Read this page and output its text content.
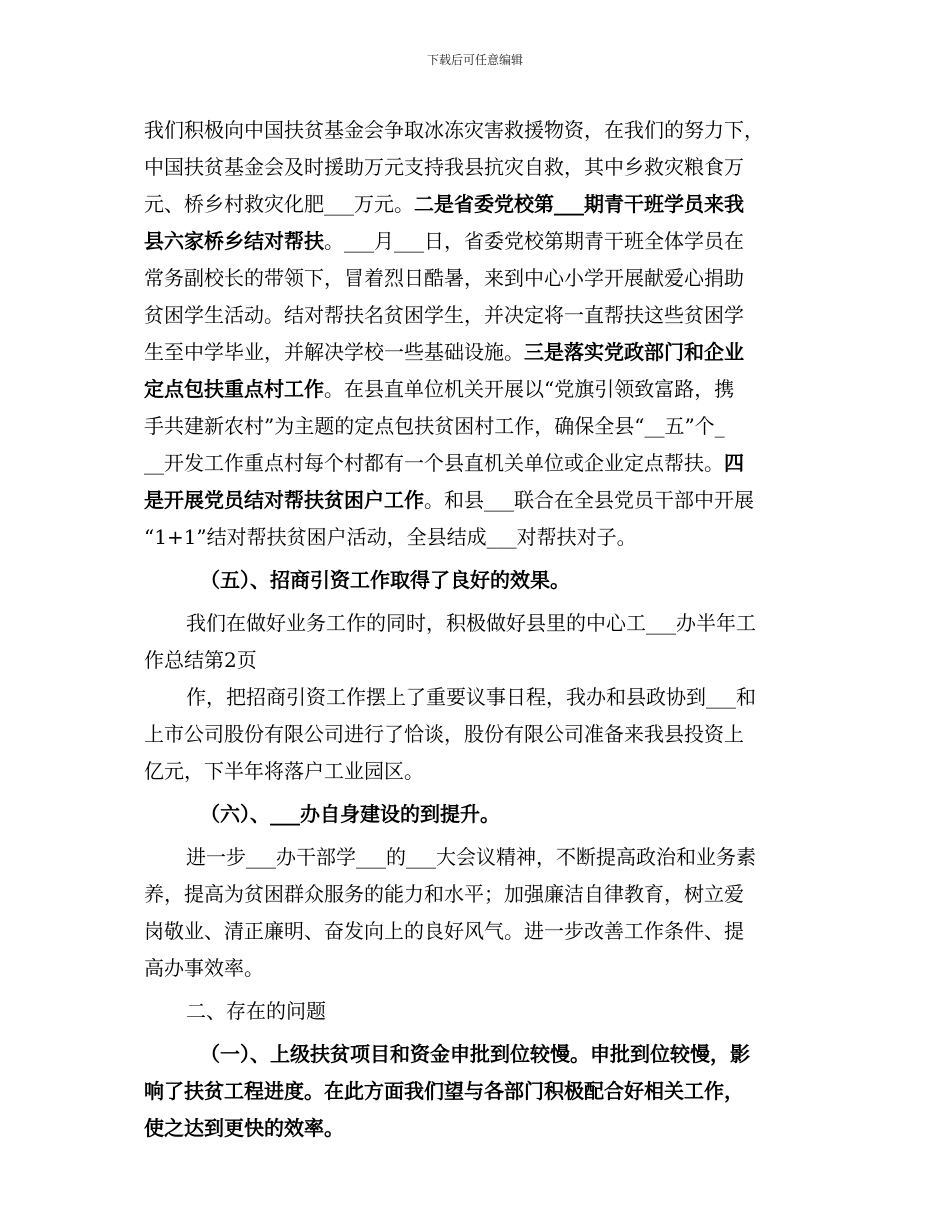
下载后可任意编辑
我们积极向中国扶贫基金会争取冰冻灾害救援物资，在我们的努力下，
中国扶贫基金会及时援助万元支持我县抗灾自救，其中乡救灾粮食万
元、桥乡村救灾化肥___万元。二是省委党校第___期青干班学员来我
县六家桥乡结对帮扶。___月___日，省委党校第期青干班全体学员在
常务副校长的带领下，冒着烈日酷暑，来到中心小学开展献爱心捐助
贫困学生活动。结对帮扶名贫困学生，并决定将一直帮扶这些贫困学
生至中学毕业，并解决学校一些基础设施。三是落实党政部门和企业
定点包扶重点村工作。在县直单位机关开展以“党旗引领致富路，携
手共建新农村”为主题的定点包扶贫困村工作，确保全县“__五”个_
__开发工作重点村每个村都有一个县直机关单位或企业定点帮扶。四
是开展党员结对帮扶贫困户工作。和县___联合在全县党员干部中开展
“1+1”结对帮扶贫困户活动，全县结成___对帮扶对子。
（五）、招商引资工作取得了良好的效果。
我们在做好业务工作的同时，积极做好县里的中心工___办半年工
作总结第2页
作，把招商引资工作摆上了重要议事日程，我办和县政协到___和
上市公司股份有限公司进行了恰谈，股份有限公司准备来我县投资上
亿元，下半年将落户工业园区。
（六）、___办自身建设的到提升。
进一步___办干部学___的___大会议精神，不断提高政治和业务素
养，提高为贫困群众服务的能力和水平；加强廉洁自律教育，树立爱
岗敬业、清正廉明、奋发向上的良好风气。进一步改善工作条件、提
高办事效率。
二、存在的问题
（一）、上级扶贫项目和资金申批到位较慢。申批到位较慢，影
响了扶贫工程进度。在此方面我们望与各部门积极配合好相关工作，
使之达到更快的效率。
